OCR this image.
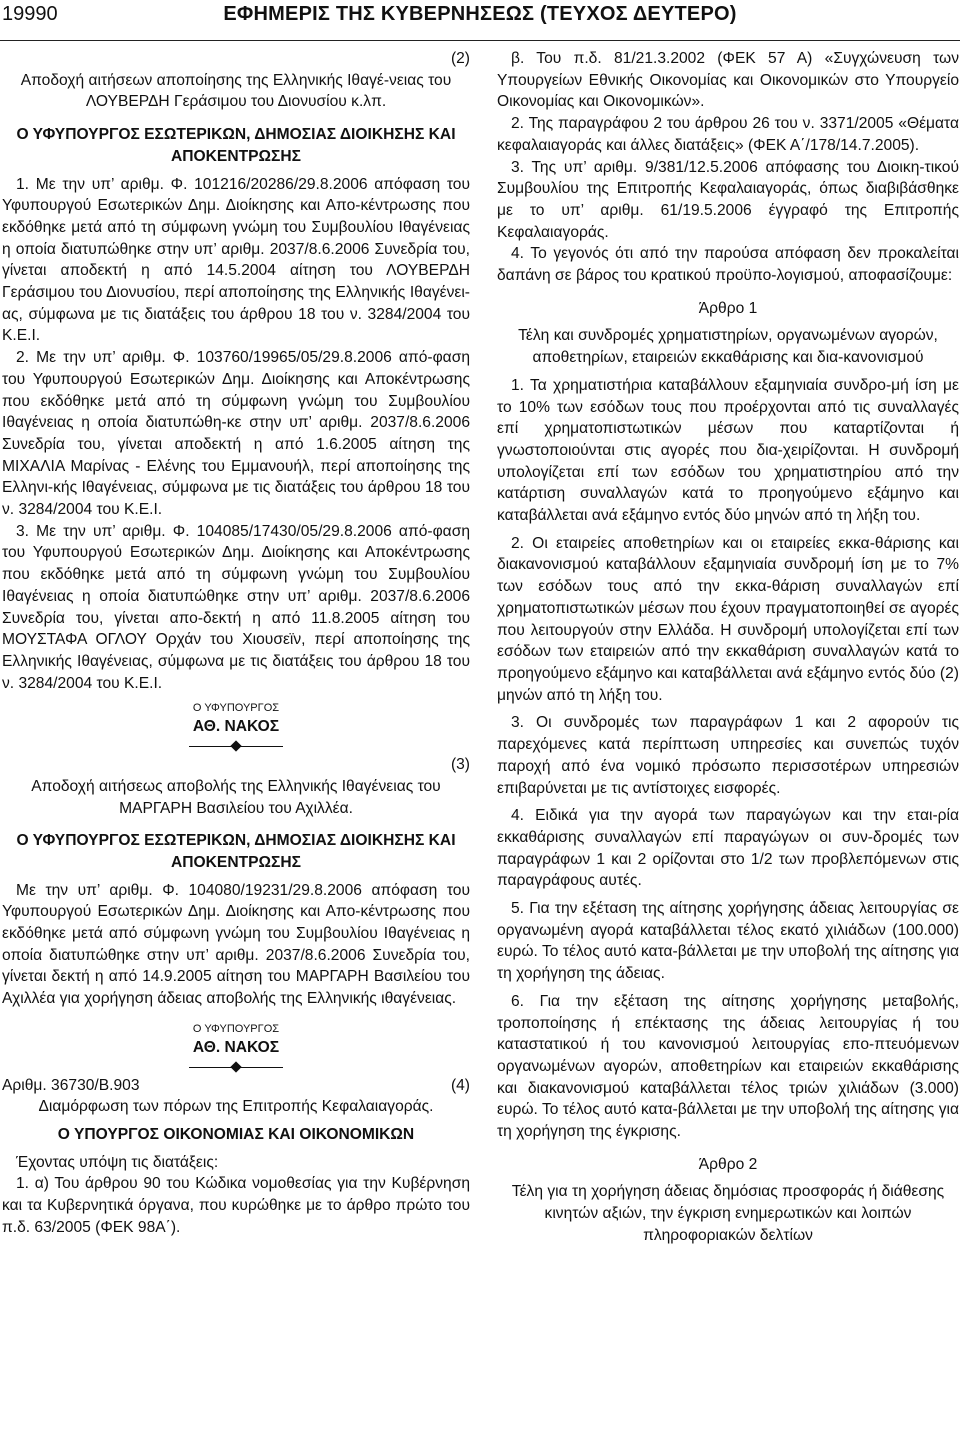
19990	ΕΦΗΜΕΡΙΣ ΤΗΣ ΚΥΒΕΡΝΗΣΕΩΣ (ΤΕΥΧΟΣ ΔΕΥΤΕΡΟ)

(2)

Αποδοχή αιτήσεων αποποίησης της Ελληνικής Ιθαγέ-νειας του ΛΟΥΒΕΡΔΗ Γεράσιμου του Διονυσίου κ.λπ.

Ο ΥΦΥΠΟΥΡΓΟΣ ΕΣΩΤΕΡΙΚΩΝ, ΔΗΜΟΣΙΑΣ ΔΙΟΙΚΗΣΗΣ ΚΑΙ ΑΠΟΚΕΝΤΡΩΣΗΣ

1. Με την υπ’ αριθμ. Φ. 101216/20286/29.8.2006 απόφαση του Υφυπουργού Εσωτερικών Δημ. Διοίκησης και Απο-κέντρωσης που εκδόθηκε μετά από τη σύμφωνη γνώμη του Συμβουλίου Ιθαγένειας η οποία διατυπώθηκε στην υπ’ αριθμ. 2037/8.6.2006 Συνεδρία του, γίνεται αποδεκτή η από 14.5.2004 αίτηση του ΛΟΥΒΕΡΔΗ Γεράσιμου του Διονυσίου, περί αποποίησης της Ελληνικής Ιθαγένει-ας, σύμφωνα με τις διατάξεις του άρθρου 18 του ν. 3284/2004 του Κ.Ε.Ι.

2. Με την υπ’ αριθμ. Φ. 103760/19965/05/29.8.2006 από-φαση του Υφυπουργού Εσωτερικών Δημ. Διοίκησης και Αποκέντρωσης που εκδόθηκε μετά από τη σύμφωνη γνώμη του Συμβουλίου Ιθαγένειας η οποία διατυπώθη-κε στην υπ’ αριθμ. 2037/8.6.2006 Συνεδρία του, γίνεται αποδεκτή η από 1.6.2005 αίτηση της ΜΙΧΑΛΙΑ Μαρίνας - Ελένης του Εμμανουήλ, περί αποποίησης της Ελληνι-κής Ιθαγένειας, σύμφωνα με τις διατάξεις του άρθρου 18 του ν. 3284/2004 του Κ.Ε.Ι.

3. Με την υπ’ αριθμ. Φ. 104085/17430/05/29.8.2006 από-φαση του Υφυπουργού Εσωτερικών Δημ. Διοίκησης και Αποκέντρωσης που εκδόθηκε μετά από τη σύμφωνη γνώμη του Συμβουλίου Ιθαγένειας η οποία διατυπώθηκε στην υπ’ αριθμ. 2037/8.6.2006 Συνεδρία του, γίνεται απο-δεκτή η από 11.8.2005 αίτηση του ΜΟΥΣΤΑΦΑ ΟΓΛΟΥ Ορχάν του Χιουσεϊν, περί αποποίησης της Ελληνικής Ιθαγένειας, σύμφωνα με τις διατάξεις του άρθρου 18 του ν. 3284/2004 του Κ.Ε.Ι.

Ο ΥΦΥΠΟΥΡΓΟΣ

ΑΘ. ΝΑΚΟΣ

(3)

Αποδοχή αιτήσεως αποβολής της Ελληνικής Ιθαγένειας του ΜΑΡΓΑΡΗ Βασιλείου του Αχιλλέα.

Ο ΥΦΥΠΟΥΡΓΟΣ ΕΣΩΤΕΡΙΚΩΝ, ΔΗΜΟΣΙΑΣ ΔΙΟΙΚΗΣΗΣ ΚΑΙ ΑΠΟΚΕΝΤΡΩΣΗΣ

Με την υπ’ αριθμ. Φ. 104080/19231/29.8.2006 απόφαση του Υφυπουργού Εσωτερικών Δημ. Διοίκησης και Απο-κέντρωσης που εκδόθηκε μετά από σύμφωνη γνώμη του Συμβουλίου Ιθαγένειας η οποία διατυπώθηκε στην υπ’ αριθμ. 2037/8.6.2006 Συνεδρία του, γίνεται δεκτή η από 14.9.2005 αίτηση του ΜΑΡΓΑΡΗ Βασιλείου του Αχιλλέα για χορήγηση άδειας αποβολής της Ελληνικής ιθαγένειας.

Ο ΥΦΥΠΟΥΡΓΟΣ

ΑΘ. ΝΑΚΟΣ

Αριθμ. 36730/Β.903	(4)

Διαμόρφωση των πόρων της Επιτροπής Κεφαλαιαγοράς.

Ο ΥΠΟΥΡΓΟΣ ΟΙΚΟΝΟΜΙΑΣ ΚΑΙ ΟΙΚΟΝΟΜΙΚΩΝ

Έχοντας υπόψη τις διατάξεις:

1. α) Του άρθρου 90 του Κώδικα νομοθεσίας για την Κυβέρνηση και τα Κυβερνητικά όργανα, που κυρώθηκε με το άρθρο πρώτο του π.δ. 63/2005 (ΦΕΚ 98Α΄).

β. Του π.δ. 81/21.3.2002 (ΦΕΚ 57 Α) «Συγχώνευση των Υπουργείων Εθνικής Οικονομίας και Οικονομικών στο Υπουργείο Οικονομίας και Οικονομικών».

2. Της παραγράφου 2 του άρθρου 26 του ν. 3371/2005 «Θέματα κεφαλαιαγοράς και άλλες διατάξεις» (ΦΕΚ Α΄/178/14.7.2005).

3. Της υπ’ αριθμ. 9/381/12.5.2006 απόφασης του Διοικη-τικού Συμβουλίου της Επιτροπής Κεφαλαιαγοράς, όπως διαβιβάσθηκε με το υπ’ αριθμ. 61/19.5.2006 έγγραφό της Επιτροπής Κεφαλαιαγοράς.

4. Το γεγονός ότι από την παρούσα απόφαση δεν προκαλείται δαπάνη σε βάρος του κρατικού προϋπο-λογισμού, αποφασίζουμε:

Άρθρο 1

Τέλη και συνδρομές χρηματιστηρίων, οργανωμένων αγορών, αποθετηρίων, εταιρειών εκκαθάρισης και δια-κανονισμού

1. Τα χρηματιστήρια καταβάλλουν εξαμηνιαία συνδρο-μή ίση με το 10% των εσόδων τους που προέρχονται από τις συναλλαγές επί χρηματοπιστωτικών μέσων που καταρτίζονται ή γνωστοποιούνται στις αγορές που δια-χειρίζονται. Η συνδρομή υπολογίζεται επί των εσόδων του χρηματιστηρίου από την κατάρτιση συναλλαγών κατά το προηγούμενο εξάμηνο και καταβάλλεται ανά εξάμηνο εντός δύο μηνών από τη λήξη του.

2. Οι εταιρείες αποθετηρίων και οι εταιρείες εκκα-θάρισης και διακανονισμού καταβάλλουν εξαμηνιαία συνδρομή ίση με το 7% των εσόδων τους από την εκκα-θάριση συναλλαγών επί χρηματοπιστωτικών μέσων που έχουν πραγματοποιηθεί σε αγορές που λειτουργούν στην Ελλάδα. Η συνδρομή υπολογίζεται επί των εσόδων των εταιρειών από την εκκαθάριση συναλλαγών κατά το προηγούμενο εξάμηνο και καταβάλλεται ανά εξάμηνο εντός δύο (2) μηνών από τη λήξη του.

3. Οι συνδρομές των παραγράφων 1 και 2 αφορούν τις παρεχόμενες κατά περίπτωση υπηρεσίες και συνεπώς τυχόν παροχή από ένα νομικό πρόσωπο περισσοτέρων υπηρεσιών επιβαρύνεται με τις αντίστοιχες εισφορές.

4. Ειδικά για την αγορά των παραγώγων και την εται-ρία εκκαθάρισης συναλλαγών επί παραγώγων οι συν-δρομές των παραγράφων 1 και 2 ορίζονται στο 1/2 των προβλεπόμενων στις παραγράφους αυτές.

5. Για την εξέταση της αίτησης χορήγησης άδειας λειτουργίας σε οργανωμένη αγορά καταβάλλεται τέλος εκατό χιλιάδων (100.000) ευρώ. Το τέλος αυτό κατα-βάλλεται με την υποβολή της αίτησης για τη χορήγηση της άδειας.

6. Για την εξέταση της αίτησης χορήγησης μεταβολής, τροποποίησης ή επέκτασης της άδειας λειτουργίας ή του καταστατικού ή του κανονισμού λειτουργίας επο-πτευόμενων οργανωμένων αγορών, αποθετηρίων και εταιρειών εκκαθάρισης και διακανονισμού καταβάλλεται τέλος τριών χιλιάδων (3.000) ευρώ. Το τέλος αυτό κατα-βάλλεται με την υποβολή της αίτησης για τη χορήγηση της έγκρισης.

Άρθρο 2

Τέλη για τη χορήγηση άδειας δημόσιας προσφοράς ή διάθεσης κινητών αξιών, την έγκριση ενημερωτικών και λοιπών πληροφοριακών δελτίων
